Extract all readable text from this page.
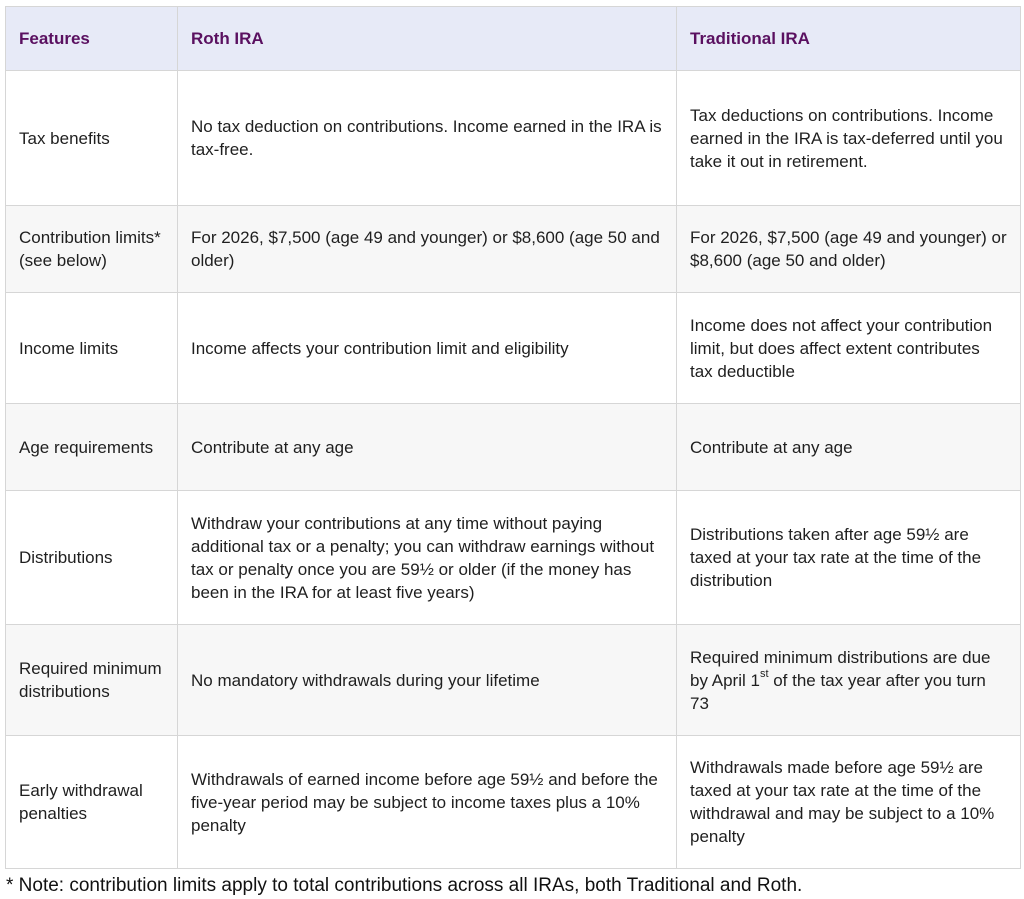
Features	Roth IRA	Traditional IRA
Tax benefits	No tax deduction on contributions. Income earned in the IRA is tax-free.	Tax deductions on contributions. Income earned in the IRA is tax-deferred until you take it out in retirement.
Contribution limits*(see below)	For 2026, $7,500 (age 49 and younger) or $8,600 (age 50 and older)	For 2026, $7,500 (age 49 and younger) or $8,600 (age 50 and older)
Income limits	Income affects your contribution limit and eligibility	Income does not affect your contribution limit, but does affect extent contributes tax deductible
Age requirements	Contribute at any age	Contribute at any age
Distributions	Withdraw your contributions at any time without paying additional tax or a penalty; you can withdraw earnings without tax or penalty once you are 59½ or older (if the money has been in the IRA for at least five years)	Distributions taken after age 59½ are taxed at your tax rate at the time of the distribution
Required minimum distributions	No mandatory withdrawals during your lifetime	Required minimum distributions are due by April 1st of the tax year after you turn 73
Early withdrawal penalties	Withdrawals of earned income before age 59½ and before the five-year period may be subject to income taxes plus a 10% penalty	Withdrawals made before age 59½ are taxed at your tax rate at the time of the withdrawal and may be subject to a 10% penalty
* Note: contribution limits apply to total contributions across all IRAs, both Traditional and Roth.
